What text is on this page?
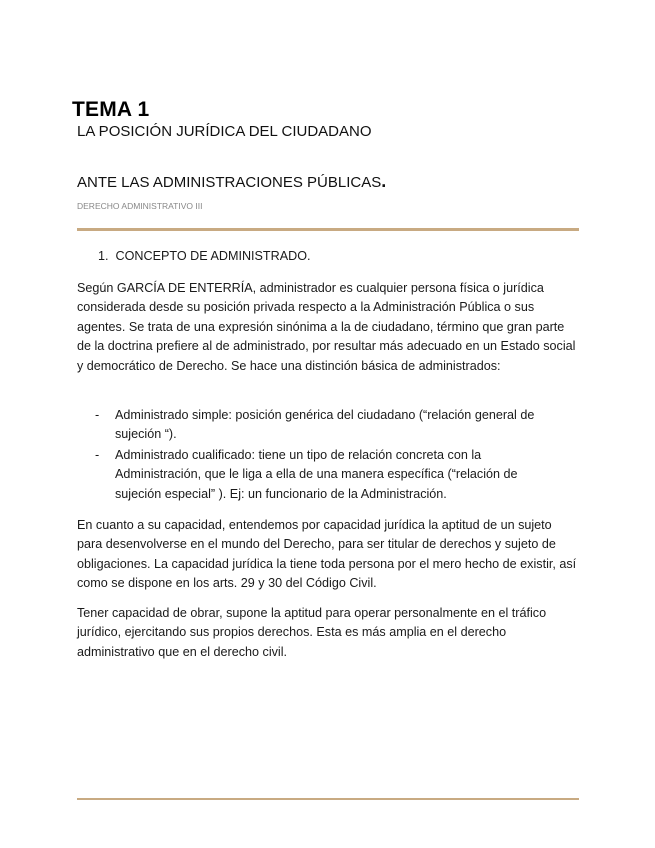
TEMA 1

LA POSICIÓN JURÍDICA DEL CIUDADANO

ANTE LAS ADMINISTRACIONES PÚBLICAS.

DERECHO ADMINISTRATIVO III

1. CONCEPTO DE ADMINISTRADO.

Según GARCÍA DE ENTERRÍA, administrador es cualquier persona física o jurídica considerada desde su posición privada respecto a la Administración Pública o sus agentes. Se trata de una expresión sinónima a la de ciudadano, término que gran parte de la doctrina prefiere al de administrado, por resultar más adecuado en un Estado social y democrático de Derecho. Se hace una distinción básica de administrados:

- Administrado simple: posición genérica del ciudadano (“relación general de sujeción “).
- Administrado cualificado: tiene un tipo de relación concreta con la Administración, que le liga a ella de una manera específica (“relación de sujeción especial” ). Ej: un funcionario de la Administración.

En cuanto a su capacidad, entendemos por capacidad jurídica la aptitud de un sujeto para desenvolverse en el mundo del Derecho, para ser titular de derechos y sujeto de obligaciones. La capacidad jurídica la tiene toda persona por el mero hecho de existir, así como se dispone en los arts. 29 y 30 del Código Civil.

Tener capacidad de obrar, supone la aptitud para operar personalmente en el tráfico jurídico, ejercitando sus propios derechos. Esta es más amplia en el derecho administrativo que en el derecho civil.
